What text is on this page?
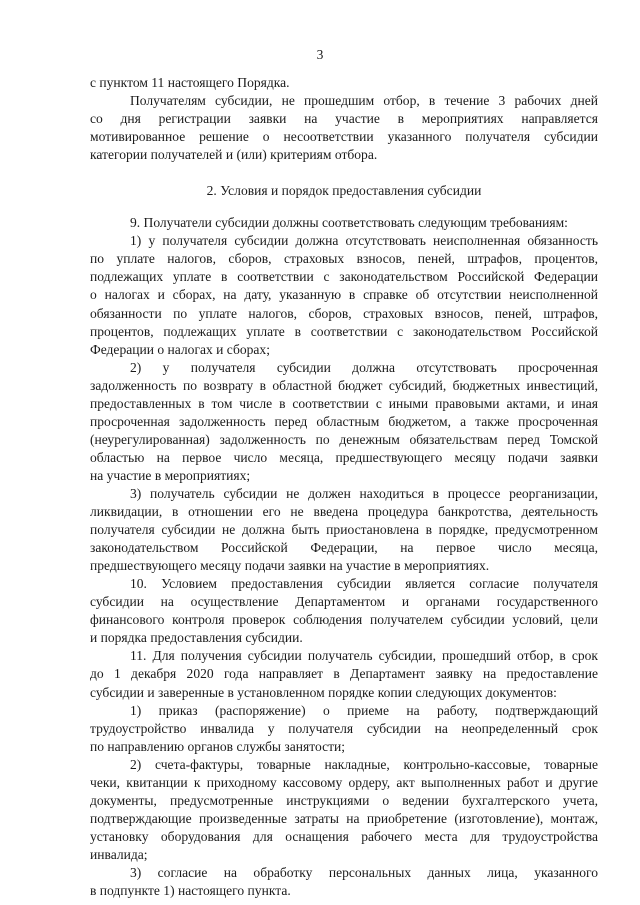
3
с пунктом 11 настоящего Порядка.
Получателям субсидии, не прошедшим отбор, в течение 3 рабочих дней
со дня регистрации заявки на участие в мероприятиях направляется
мотивированное решение о несоответствии указанного получателя субсидии
категории получателей и (или) критериям отбора.
2. Условия и порядок предоставления субсидии
9. Получатели субсидии должны соответствовать следующим требованиям:
1) у получателя субсидии должна отсутствовать неисполненная обязанность
по уплате налогов, сборов, страховых взносов, пеней, штрафов, процентов,
подлежащих уплате в соответствии с законодательством Российской Федерации
о налогах и сборах, на дату, указанную в справке об отсутствии неисполненной
обязанности по уплате налогов, сборов, страховых взносов, пеней, штрафов,
процентов, подлежащих уплате в соответствии с законодательством Российской
Федерации о налогах и сборах;
2) у получателя субсидии должна отсутствовать просроченная
задолженность по возврату в областной бюджет субсидий, бюджетных инвестиций,
предоставленных в том числе в соответствии с иными правовыми актами, и иная
просроченная задолженность перед областным бюджетом, а также просроченная
(неурегулированная) задолженность по денежным обязательствам перед Томской
областью на первое число месяца, предшествующего месяцу подачи заявки
на участие в мероприятиях;
3) получатель субсидии не должен находиться в процессе реорганизации,
ликвидации, в отношении его не введена процедура банкротства, деятельность
получателя субсидии не должна быть приостановлена в порядке, предусмотренном
законодательством Российской Федерации, на первое число месяца,
предшествующего месяцу подачи заявки на участие в мероприятиях.
10. Условием предоставления субсидии является согласие получателя
субсидии на осуществление Департаментом и органами государственного
финансового контроля проверок соблюдения получателем субсидии условий, цели
и порядка предоставления субсидии.
11. Для получения субсидии получатель субсидии, прошедший отбор, в срок
до 1 декабря 2020 года направляет в Департамент заявку на предоставление
субсидии и заверенные в установленном порядке копии следующих документов:
1) приказ (распоряжение) о приеме на работу, подтверждающий
трудоустройство инвалида у получателя субсидии на неопределенный срок
по направлению органов службы занятости;
2) счета-фактуры, товарные накладные, контрольно-кассовые, товарные
чеки, квитанции к приходному кассовому ордеру, акт выполненных работ и другие
документы, предусмотренные инструкциями о ведении бухгалтерского учета,
подтверждающие произведенные затраты на приобретение (изготовление), монтаж,
установку оборудования для оснащения рабочего места для трудоустройства
инвалида;
3) согласие на обработку персональных данных лица, указанного
в подпункте 1) настоящего пункта.
